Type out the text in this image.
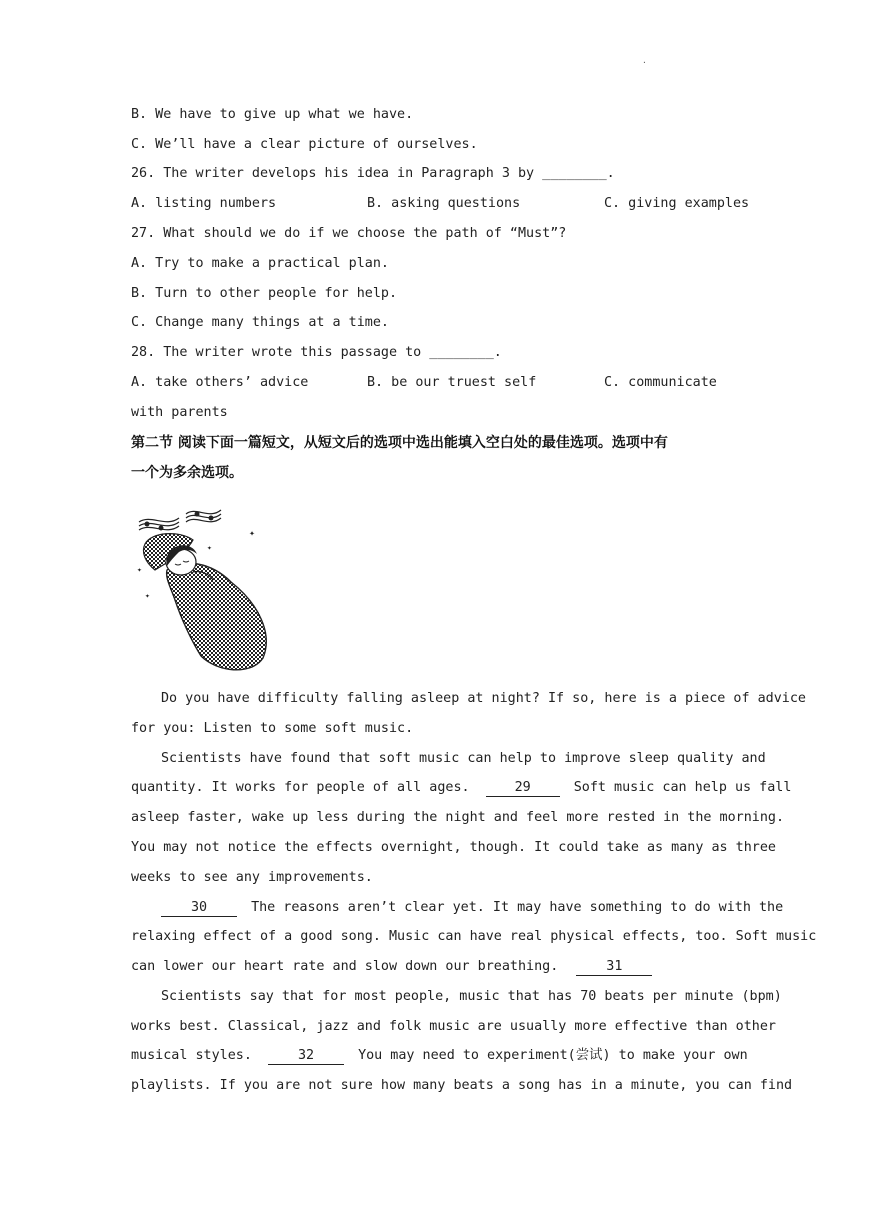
.
B. We have to give up what we have.
C. We’ll have a clear picture of ourselves.
26. The writer develops his idea in Paragraph 3 by ________.
A. listing numbers	B. asking questions	C. giving examples
27. What should we do if we choose the path of “Must”?
A. Try to make a practical plan.
B. Turn to other people for help.
C. Change many things at a time.
28. The writer wrote this passage to ________.
A. take others’ advice	B. be our truest self	C. communicate
with parents
第二节 阅读下面一篇短文，从短文后的选项中选出能填入空白处的最佳选项。选项中有
一个为多余选项。
✦
✦
✦
✦
Do you have difficulty falling asleep at night? If so, here is a piece of advice
for you: Listen to some soft music.
Scientists have found that soft music can help to improve sleep quality and
quantity. It works for people of all ages.	29	Soft music can help us fall
asleep faster, wake up less during the night and feel more rested in the morning.
You may not notice the effects overnight, though. It could take as many as three
weeks to see any improvements.
30	The reasons aren’t clear yet. It may have something to do with the
relaxing effect of a good song. Music can have real physical effects, too. Soft music
can lower our heart rate and slow down our breathing.	31
Scientists say that for most people, music that has 70 beats per minute (bpm)
works best. Classical, jazz and folk music are usually more effective than other
musical styles.	32	You may need to experiment(尝试) to make your own
playlists. If you are not sure how many beats a song has in a minute, you can find
